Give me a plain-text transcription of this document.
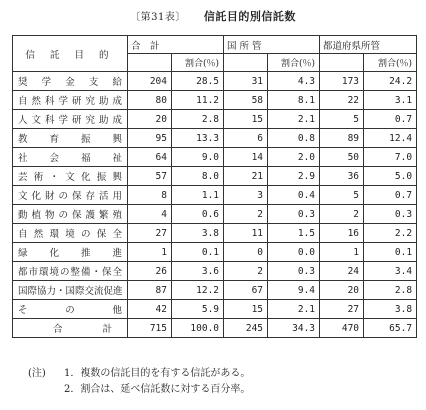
〔第31表〕 信託目的別信託数
信 託 目 的	合　計		国 所 管		都道府県所管	
		割合(％)		割合(％)		割合(％)
奨学金支給	204	28.5	31	4.3	173	24.2
自然科学研究助成	80	11.2	58	8.1	22	3.1
人文科学研究助成	20	2.8	15	2.1	5	0.7
教育振興	95	13.3	6	0.8	89	12.4
社会福祉	64	9.0	14	2.0	50	7.0
芸術・文化振興	57	8.0	21	2.9	36	5.0
文化財の保存活用	8	1.1	3	0.4	5	0.7
動植物の保護繁殖	4	0.6	2	0.3	2	0.3
自然環境の保全	27	3.8	11	1.5	16	2.2
緑化推進	1	0.1	0	0.0	1	0.1
都市環境の整備・保全	26	3.6	2	0.3	24	3.4
国際協力・国際交流促進	87	12.2	67	9.4	20	2.8
そ の 他	42	5.9	15	2.1	27	3.8
合計	715	100.0	245	34.3	470	65.7
(注) 1．複数の信託目的を有する信託がある。
2．割合は、延べ信託数に対する百分率。
